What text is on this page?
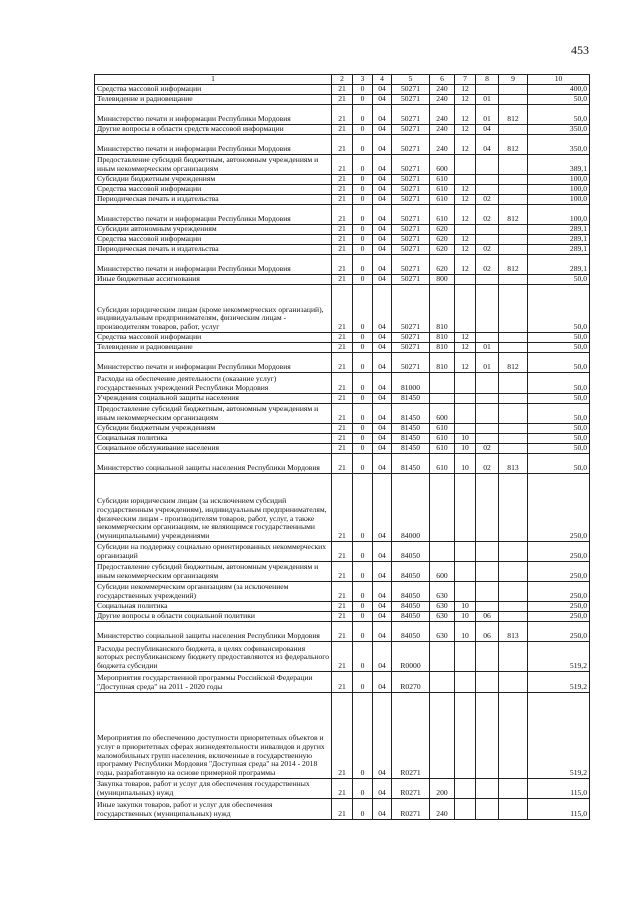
453
1	2	3	4	5	6	7	8	9	10
Средства массовой информации	21	0	04	50271	240	12			400,0
Телевидение и радиовещание	21	0	04	50271	240	12	01		50,0
Министерство печати и информации Республики Мордовия	21	0	04	50271	240	12	01	812	50,0
Другие вопросы в области средств массовой информации	21	0	04	50271	240	12	04		350,0
Министерство печати и информации Республики Мордовия	21	0	04	50271	240	12	04	812	350,0
Предоставление субсидий бюджетным, автономным учреждениям и иным некоммерческим организациям	21	0	04	50271	600				389,1
Субсидии бюджетным учреждениям	21	0	04	50271	610				100,0
Средства массовой информации	21	0	04	50271	610	12			100,0
Периодическая печать и издательства	21	0	04	50271	610	12	02		100,0
Министерство печати и информации Республики Мордовия	21	0	04	50271	610	12	02	812	100,0
Субсидии автономным учреждениям	21	0	04	50271	620				289,1
Средства массовой информации	21	0	04	50271	620	12			289,1
Периодическая печать и издательства	21	0	04	50271	620	12	02		289,1
Министерство печати и информации Республики Мордовия	21	0	04	50271	620	12	02	812	289,1
Иные бюджетные ассигнования	21	0	04	50271	800				50,0
Субсидии юридическим лицам (кроме некоммерческих организаций), индивидуальным предпринимателям, физическим лицам - производителям товаров, работ, услуг	21	0	04	50271	810				50,0
Средства массовой информации	21	0	04	50271	810	12			50,0
Телевидение и радиовещание	21	0	04	50271	810	12	01		50,0
Министерство печати и информации Республики Мордовия	21	0	04	50271	810	12	01	812	50,0
Расходы на обеспечение деятельности (оказание услуг) государственных учреждений Республики Мордовия	21	0	04	81000					50,0
Учреждения социальной защиты населения	21	0	04	81450					50,0
Предоставление субсидий бюджетным, автономным учреждениям и иным некоммерческим организациям	21	0	04	81450	600				50,0
Субсидии бюджетным учреждениям	21	0	04	81450	610				50,0
Социальная политика	21	0	04	81450	610	10			50,0
Социальное обслуживание населения	21	0	04	81450	610	10	02		50,0
Министерство социальной защиты населения Республики Мордовия	21	0	04	81450	610	10	02	813	50,0
Субсидии юридическим лицам (за исключением субсидий государственным учреждениям), индивидуальным предпринимателям, физическим лицам - производителям товаров, работ, услуг, а также некоммерческим организациям, не являющимся государственными (муниципальными) учреждениями	21	0	04	84000					250,0
Субсидии на поддержку социально ориентированных некоммерческих организаций	21	0	04	84050					250,0
Предоставление субсидий бюджетным, автономным учреждениям и иным некоммерческим организациям	21	0	04	84050	600				250,0
Субсидии некоммерческим организациям (за исключением государственных учреждений)	21	0	04	84050	630				250,0
Социальная политика	21	0	04	84050	630	10			250,0
Другие вопросы в области социальной политики	21	0	04	84050	630	10	06		250,0
Министерство социальной защиты населения Республики Мордовия	21	0	04	84050	630	10	06	813	250,0
Расходы республиканского бюджета, в целях софинансирования которых республиканскому бюджету предоставляются из федерального бюджета субсидии	21	0	04	R0000					519,2
Мероприятия государственной программы Российской Федерации "Доступная среда" на 2011 - 2020 годы	21	0	04	R0270					519,2
Мероприятия по обеспечению доступности приоритетных объектов и услуг в приоритетных сферах жизнедеятельности инвалидов и других маломобильных групп населения, включенные в государственную программу Республики Мордовия "Доступная среда" на 2014 - 2018 годы, разработанную на основе примерной программы	21	0	04	R0271					519,2
Закупка товаров, работ и услуг для обеспечения государственных (муниципальных) нужд	21	0	04	R0271	200				115,0
Иные закупки товаров, работ и услуг для обеспечения государственных (муниципальных) нужд	21	0	04	R0271	240				115,0
